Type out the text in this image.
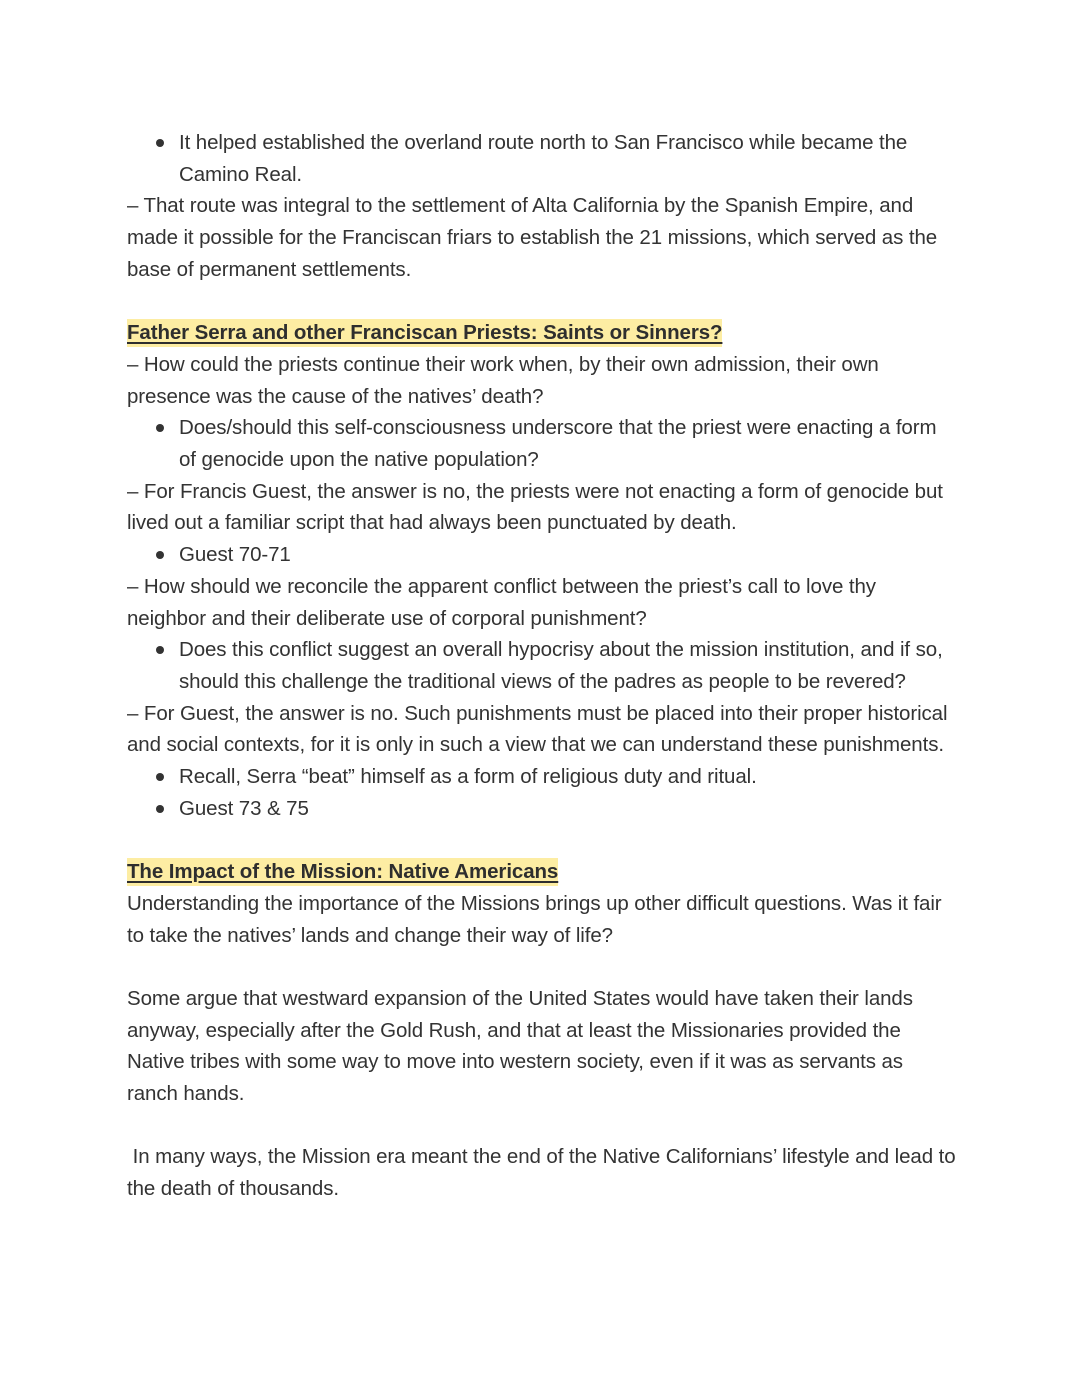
It helped established the overland route north to San Francisco while became the Camino Real.

– That route was integral to the settlement of Alta California by the Spanish Empire, and made it possible for the Franciscan friars to establish the 21 missions, which served as the base of permanent settlements.

Father Serra and other Franciscan Priests: Saints or Sinners?

– How could the priests continue their work when, by their own admission, their own presence was the cause of the natives’ death?

Does/should this self-consciousness underscore that the priest were enacting a form of genocide upon the native population?

– For Francis Guest, the answer is no, the priests were not enacting a form of genocide but lived out a familiar script that had always been punctuated by death.

Guest 70-71

– How should we reconcile the apparent conflict between the priest’s call to love thy neighbor and their deliberate use of corporal punishment?

Does this conflict suggest an overall hypocrisy about the mission institution, and if so, should this challenge the traditional views of the padres as people to be revered?

– For Guest, the answer is no. Such punishments must be placed into their proper historical and social contexts, for it is only in such a view that we can understand these punishments.

Recall, Serra “beat” himself as a form of religious duty and ritual.
Guest 73 & 75

The Impact of the Mission: Native Americans

Understanding the importance of the Missions brings up other difficult questions. Was it fair to take the natives’ lands and change their way of life?

Some argue that westward expansion of the United States would have taken their lands anyway, especially after the Gold Rush, and that at least the Missionaries provided the Native tribes with some way to move into western society, even if it was as servants as ranch hands.

In many ways, the Mission era meant the end of the Native Californians’ lifestyle and lead to the death of thousands.
